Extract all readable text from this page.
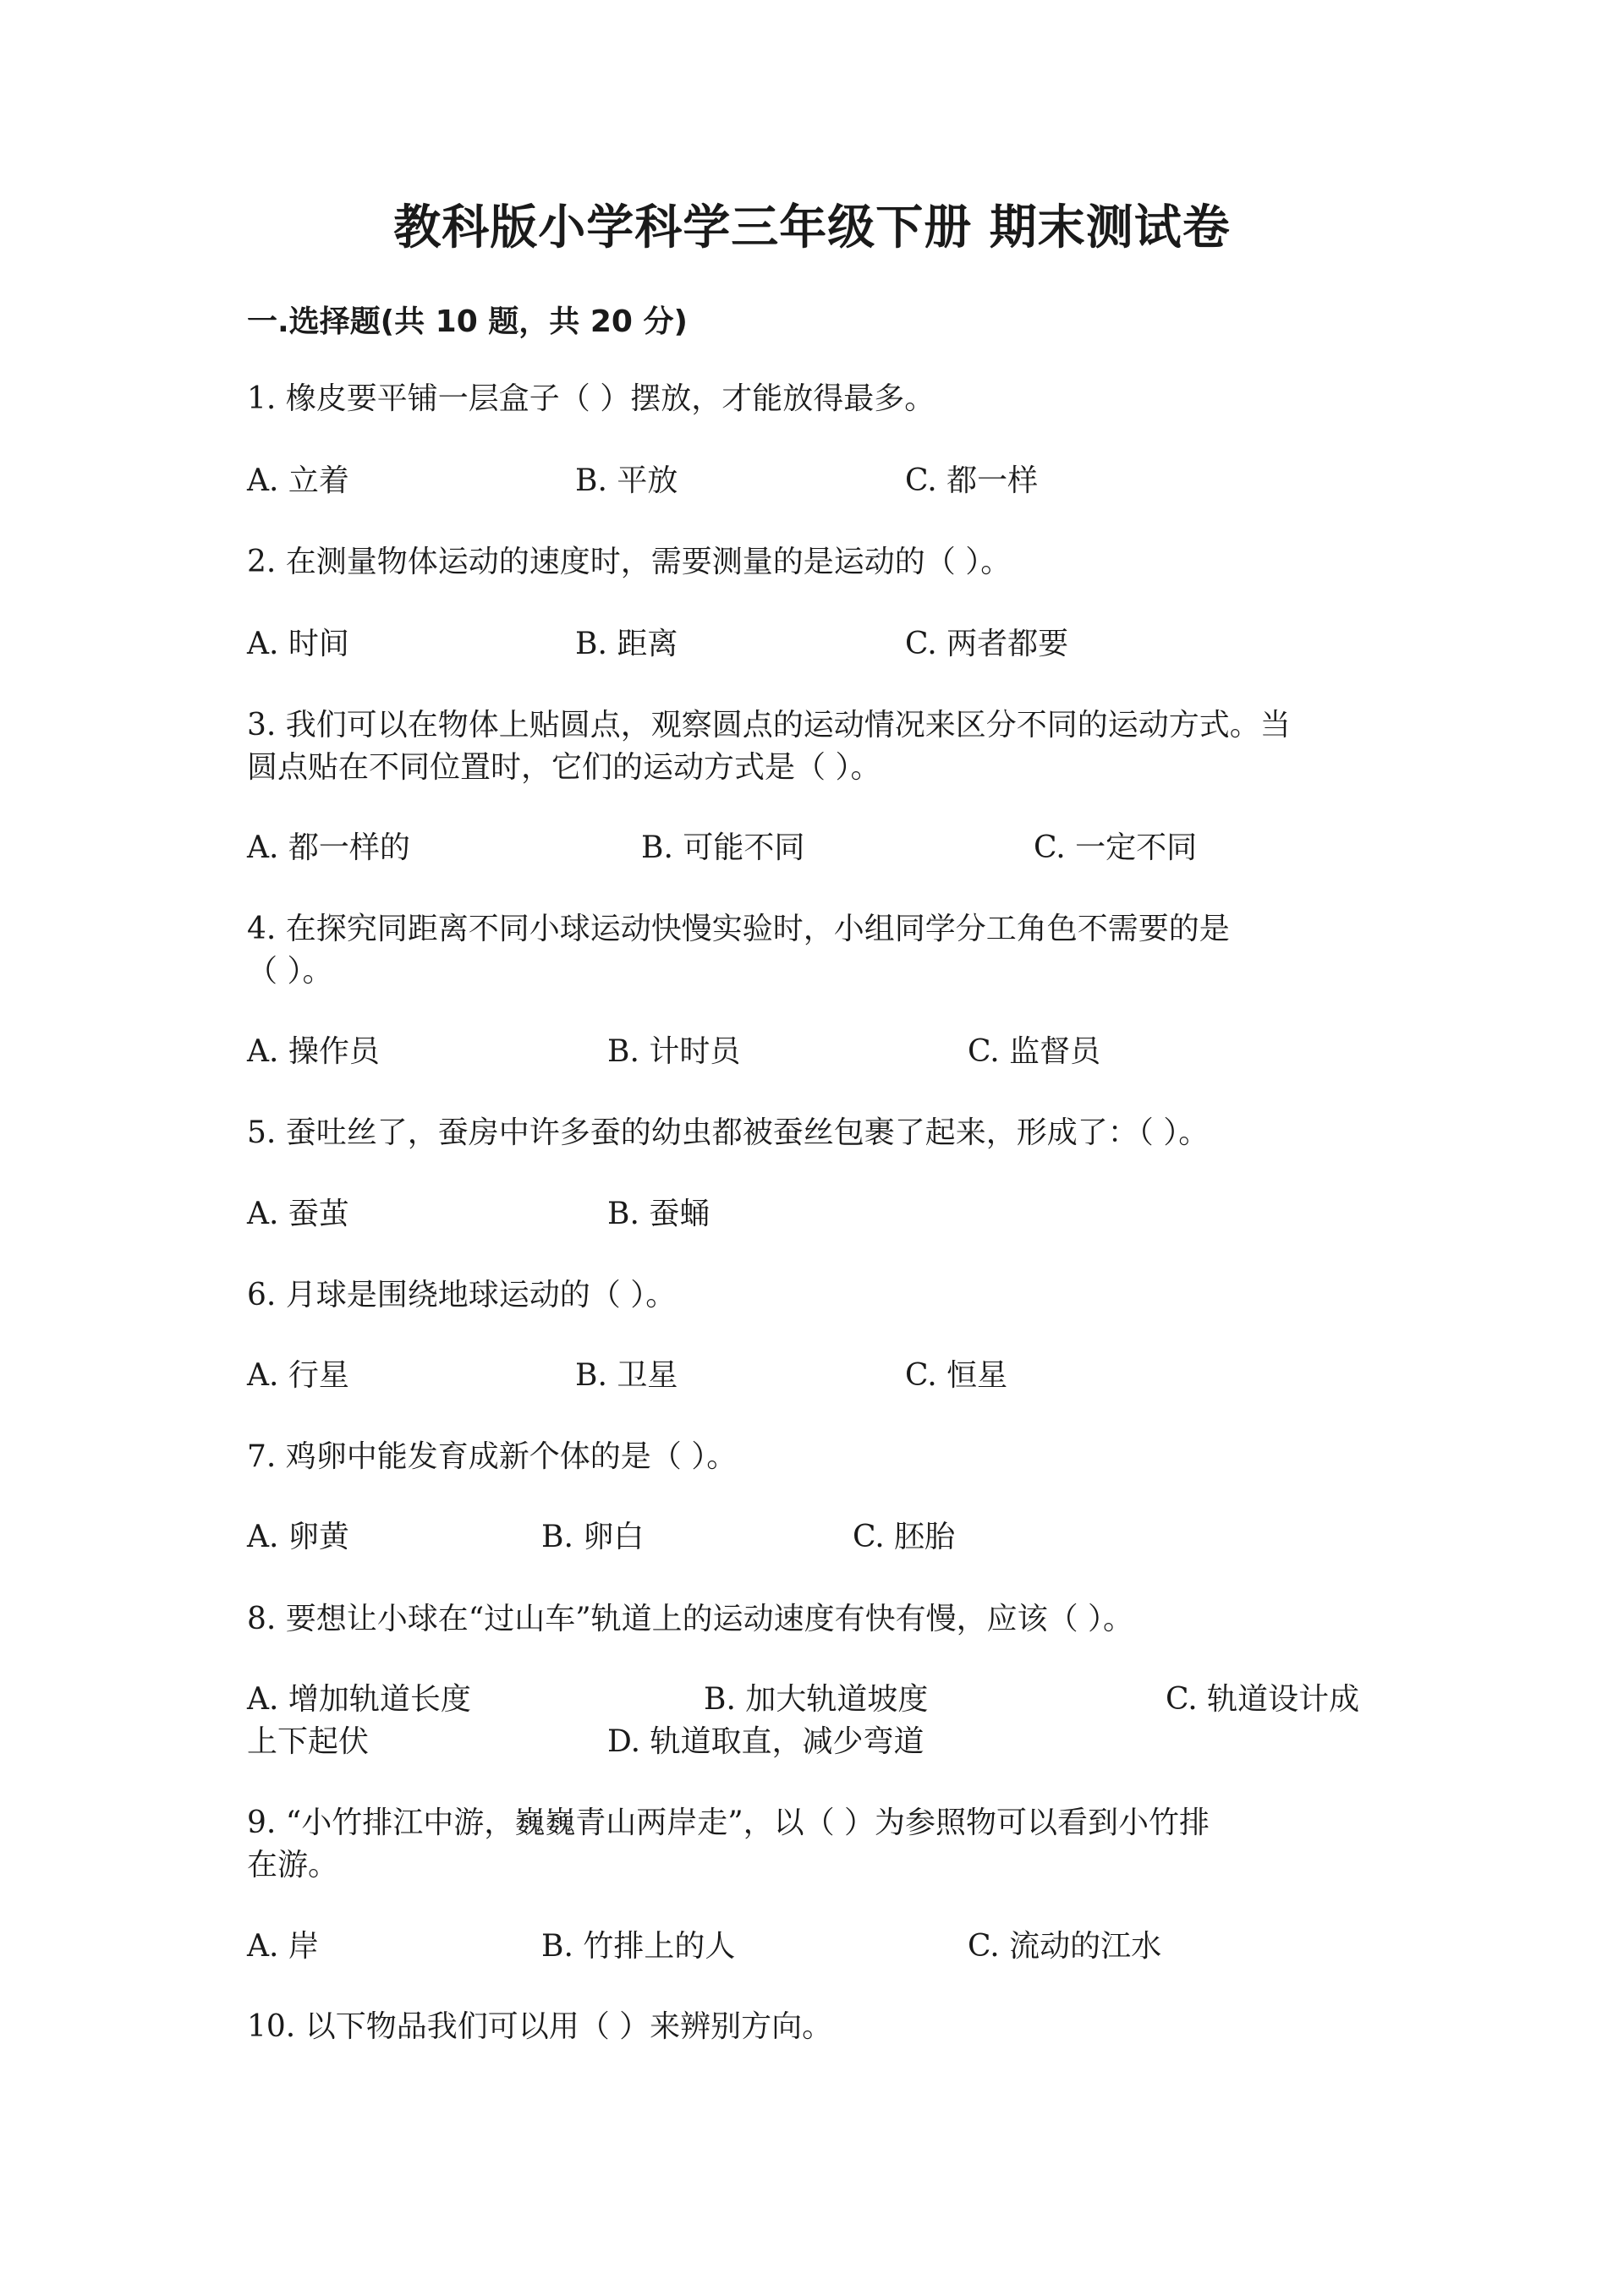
教科版小学科学三年级下册 期末测试卷
一.选择题(共 10 题，共 20 分)
1. 橡皮要平铺一层盒子（ ）摆放，才能放得最多。
A. 立着	B. 平放	C. 都一样
2. 在测量物体运动的速度时，需要测量的是运动的（ ）。
A. 时间	B. 距离	C. 两者都要
3. 我们可以在物体上贴圆点，观察圆点的运动情况来区分不同的运动方式。当
圆点贴在不同位置时，它们的运动方式是（ ）。
A. 都一样的	B. 可能不同	C. 一定不同
4. 在探究同距离不同小球运动快慢实验时，小组同学分工角色不需要的是
（ ）。
A. 操作员	B. 计时员	C. 监督员
5. 蚕吐丝了，蚕房中许多蚕的幼虫都被蚕丝包裹了起来，形成了：（ ）。
A. 蚕茧	B. 蚕蛹
6. 月球是围绕地球运动的（ ）。
A. 行星	B. 卫星	C. 恒星
7. 鸡卵中能发育成新个体的是（ ）。
A. 卵黄	B. 卵白	C. 胚胎
8. 要想让小球在“过山车”轨道上的运动速度有快有慢，应该（ ）。
A. 增加轨道长度	B. 加大轨道坡度	C. 轨道设计成
上下起伏	D. 轨道取直，减少弯道
9. “小竹排江中游，巍巍青山两岸走”，以（ ）为参照物可以看到小竹排
在游。
A. 岸	B. 竹排上的人	C. 流动的江水
10. 以下物品我们可以用（ ）来辨别方向。
